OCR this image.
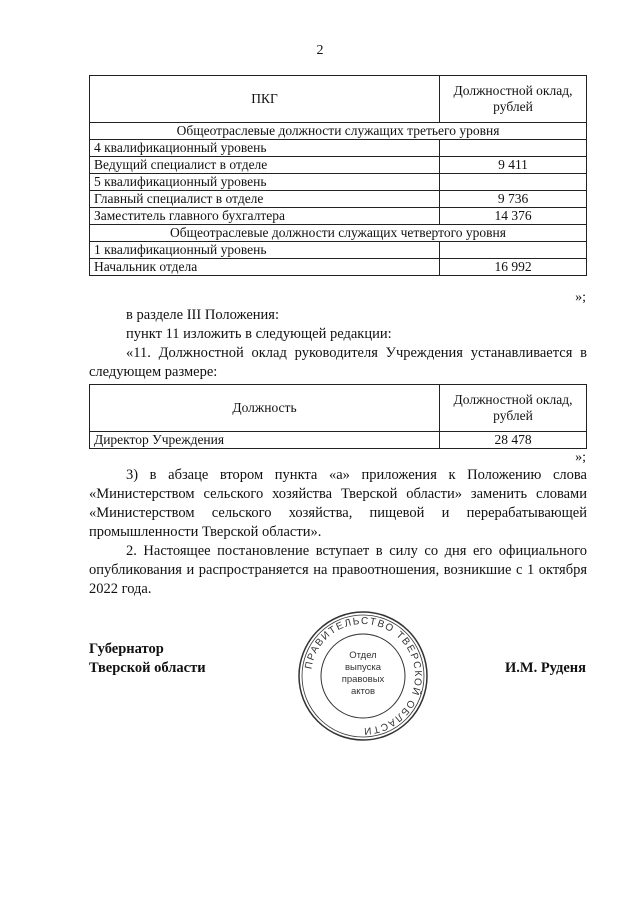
2
ПКГ	Должностной оклад,
рублей
Общеотраслевые должности служащих третьего уровня	
4 квалификационный уровень	
Ведущий специалист в отделе	9 411
5 квалификационный уровень	
Главный специалист в отделе	9 736
Заместитель главного бухгалтера	14 376
Общеотраслевые должности служащих четвертого уровня	
1 квалификационный уровень	
Начальник отдела	16 992
»;
в разделе III Положения:
пункт 11 изложить в следующей редакции:
«11. Должностной оклад руководителя Учреждения устанавливается в следующем размере:
Должность	Должностной оклад,
рублей
Директор Учреждения	28 478
»;
3) в абзаце втором пункта «а» приложения к Положению слова «Министерством сельского хозяйства Тверской области» заменить словами «Министерством сельского хозяйства, пищевой и перерабатывающей промышленности Тверской области».
2. Настоящее постановление вступает в силу со дня его официального опубликования и распространяется на правоотношения, возникшие с 1 октября 2022 года.
Губернатор
Тверской области	И.М. Руденя
ПРАВИТЕЛЬСТВО ТВЕРСКОЙ ОБЛАСТИ
Отдел
выпуска
правовых
актов
